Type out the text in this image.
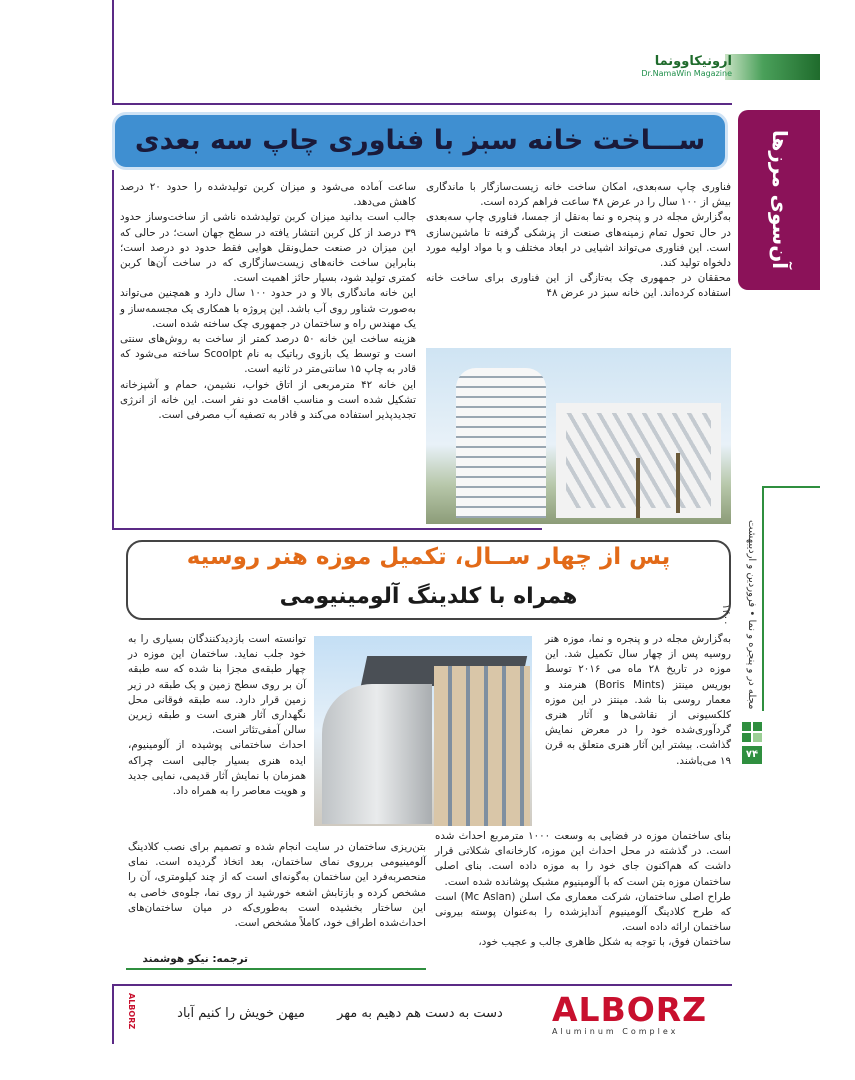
ارونیکاو‌و‌نما
Dr.NamaWin Magazine
آن‌سوی مرزها
ســـاخت خانه سبز با فناوری چاپ سه بعدی

فناوری چاپ سه‌بعدی، امکان ساخت خانه زیست‌سازگار با ماندگاری بیش از ۱۰۰ سال را در عرض ۴۸ ساعت فراهم کرده است.

به‌گزارش مجله در و پنجره و نما به‌نقل از جمسا، فناوری چاپ سه‌بعدی در حال تحول تمام زمینه‌های صنعت از پزشکی گرفته تا ماشین‌سازی است. این فناوری می‌تواند اشیایی در ابعاد مختلف و با مواد اولیه مورد دلخواه تولید کند.

محققان در جمهوری چک به‌تازگی از این فناوری برای ساخت خانه استفاده کرده‌اند. این خانه سبز در عرض ۴۸

ساعت آماده می‌شود و میزان کربن تولیدشده را حدود ۲۰ درصد کاهش می‌دهد.

جالب است بدانید میزان کربن تولیدشده ناشی از ساخت‌وساز حدود ۳۹ درصد از کل کربن انتشار یافته در سطح جهان است؛ در حالی که این میزان در صنعت حمل‌ونقل هوایی فقط حدود دو درصد است؛ بنابراین ساخت خانه‌های زیست‌سازگاری که در ساخت آن‌ها کربن کمتری تولید شود، بسیار حائز اهمیت است.

این خانه ماندگاری بالا و در حدود ۱۰۰ سال دارد و همچنین می‌تواند به‌صورت شناور روی آب باشد. این پروژه با همکاری یک مجسمه‌ساز و یک مهندس راه و ساختمان در جمهوری چک ساخته شده است.

هزینه ساخت این خانه ۵۰ درصد کمتر از ساخت به روش‌های سنتی است و توسط یک بازوی رباتیک به نام Scoolpt ساخته می‌شود که قادر به چاپ ۱۵ سانتی‌متر در ثانیه است.

این خانه ۴۲ مترمربعی از اتاق خواب، نشیمن، حمام و آشپزخانه تشکیل شده است و مناسب اقامت دو نفر است. این خانه از انرژی تجدیدپذیر استفاده می‌کند و قادر به تصفیه آب مصرفی است.

پس از چهار ســال، تکمیل موزه هنر روسیه
همراه با کلدینگ آلومینیومی

به‌گزارش مجله در و پنجره و نما، موزه هنر روسیه پس از چهار سال تکمیل شد. این موزه در تاریخ ۲۸ ماه می ۲۰۱۶ توسط بوریس مینتز (Boris Mints) هنرمند و معمار روسی بنا شد. مینتز در این موزه کلکسیونی از نقاشی‌ها و آثار هنری گردآوری‌شده خود را در معرض نمایش گذاشت. بیشتر این آثار هنری متعلق به قرن ۱۹ می‌باشند.

بنای ساختمان موزه در فضایی به وسعت ۱۰۰۰ مترمربع احداث شده است. در گذشته در محل احداث این موزه، کارخانه‌ای شکلاتی قرار داشت که هم‌اکنون جای خود را به موزه داده است. بنای اصلی ساختمان موزه بتن است که با آلومینیوم مشبک پوشانده شده است.

طراح اصلی ساختمان، شرکت معماری مک اسلن (Mc Aslan) است که طرح کلادینگ آلومینیوم آندایزشده را به‌عنوان پوسته بیرونی ساختمان ارائه داده است.

ساختمان فوق، با توجه به شکل ظاهری جالب و عجیب خود،

توانسته است بازدیدکنندگان بسیاری را به خود جلب نماید. ساختمان این موزه در چهار طبقه‌ی مجزا بنا شده که سه طبقه آن بر روی سطح زمین و یک طبقه در زیر زمین قرار دارد. سه طبقه فوقانی محل نگهداری آثار هنری است و طبقه زیرین سالن آمفی‌تئاتر است.

احداث ساختمانی پوشیده از آلومینیوم، ایده هنری بسیار جالبی است چراکه همزمان با نمایش آثار قدیمی، نمایی جدید و هویت معاصر را به همراه داد.

بتن‌ریزی ساختمان در سایت انجام شده و تصمیم برای نصب کلادینگ آلومینیومی برروی نمای ساختمان، بعد اتخاذ گردیده است. نمای منحصربه‌فرد این ساختمان به‌گونه‌ای است که از چند کیلومتری، آن را مشخص کرده و بازتابش اشعه خورشید از روی نما، جلوه‌ی خاصی به این ساختار بخشیده است به‌طوری‌که در میان ساختمان‌های احداث‌شده اطراف خود، کاملاً مشخص است.

ترجمه: نیکو هوشمند
مجله در و پنجره و نما • فروردین و اردیبهشت ۱۴۰۰
۷۴
ALBORZ	دست به دست هم دهیم به مهر میهن خویش را کنیم آباد	ALBORZ
Aluminum Complex
